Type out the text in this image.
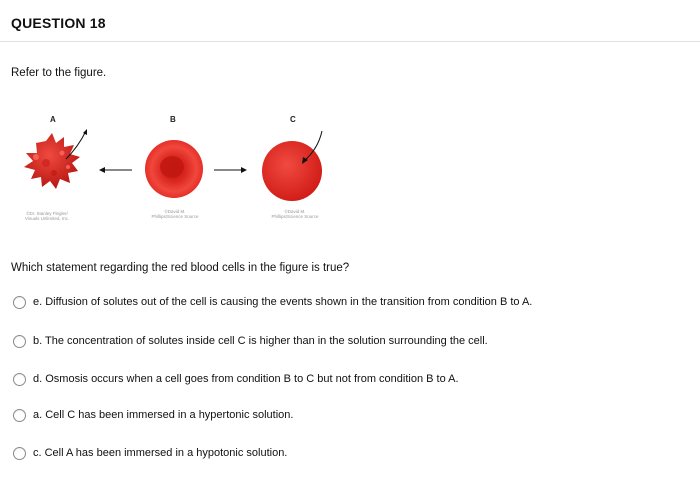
QUESTION 18
Refer to the figure.
A	B	C
©Dr. Stanley Flegler/ Visuals Unlimited, Inc.
©David M. Phillips/Science Source
©David M. Phillips/Science Source
Which statement regarding the red blood cells in the figure is true?
e. Diffusion of solutes out of the cell is causing the events shown in the transition from condition B to A.
b. The concentration of solutes inside cell C is higher than in the solution surrounding the cell.
d. Osmosis occurs when a cell goes from condition B to C but not from condition B to A.
a. Cell C has been immersed in a hypertonic solution.
c. Cell A has been immersed in a hypotonic solution.
